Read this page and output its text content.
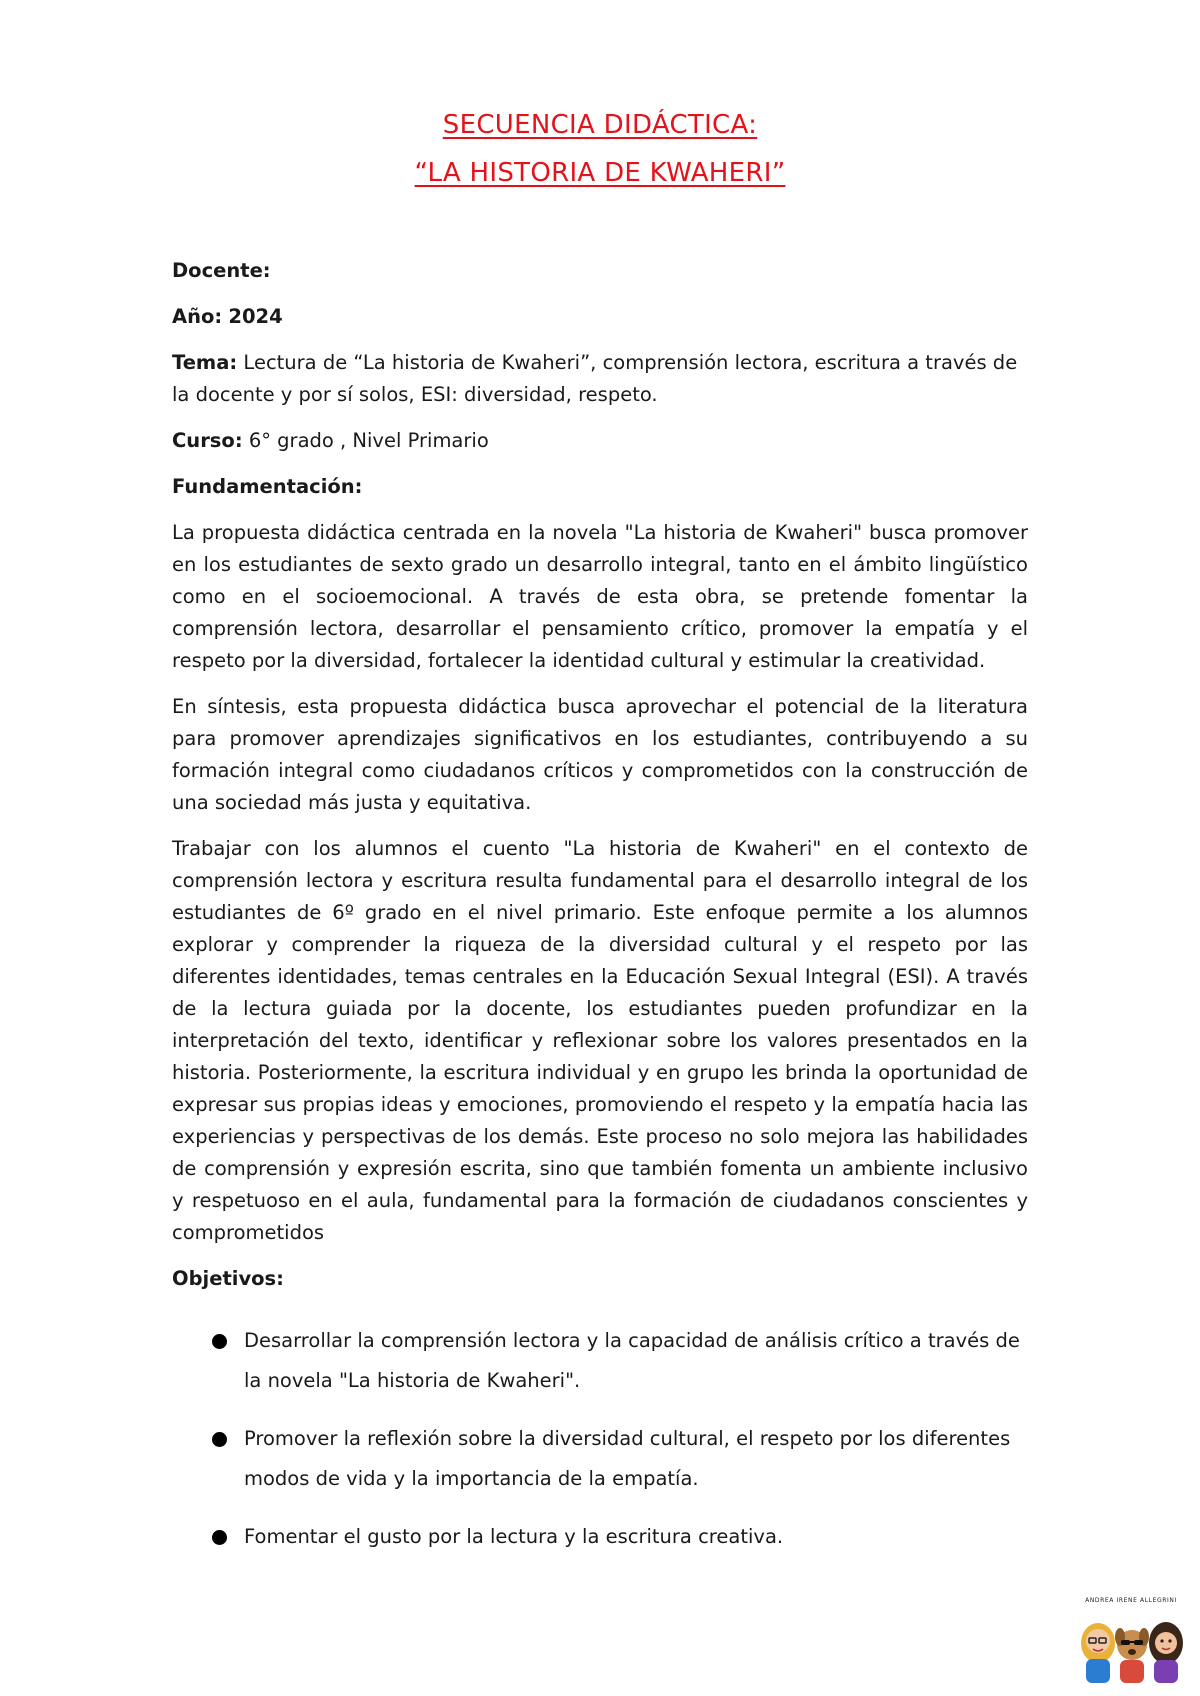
SECUENCIA DIDÁCTICA:
“LA HISTORIA DE KWAHERI”

Docente:

Año: 2024

Tema: Lectura de “La historia de Kwaheri”, comprensión lectora, escritura a través de la docente y por sí solos, ESI: diversidad, respeto.

Curso: 6° grado , Nivel Primario

Fundamentación:

La propuesta didáctica centrada en la novela "La historia de Kwaheri" busca promover en los estudiantes de sexto grado un desarrollo integral, tanto en el ámbito lingüístico como en el socioemocional. A través de esta obra, se pretende fomentar la comprensión lectora, desarrollar el pensamiento crítico, promover la empatía y el respeto por la diversidad, fortalecer la identidad cultural y estimular la creatividad.

En síntesis, esta propuesta didáctica busca aprovechar el potencial de la literatura para promover aprendizajes significativos en los estudiantes, contribuyendo a su formación integral como ciudadanos críticos y comprometidos con la construcción de una sociedad más justa y equitativa.

Trabajar con los alumnos el cuento "La historia de Kwaheri" en el contexto de comprensión lectora y escritura resulta fundamental para el desarrollo integral de los estudiantes de 6º grado en el nivel primario. Este enfoque permite a los alumnos explorar y comprender la riqueza de la diversidad cultural y el respeto por las diferentes identidades, temas centrales en la Educación Sexual Integral (ESI). A través de la lectura guiada por la docente, los estudiantes pueden profundizar en la interpretación del texto, identificar y reflexionar sobre los valores presentados en la historia. Posteriormente, la escritura individual y en grupo les brinda la oportunidad de expresar sus propias ideas y emociones, promoviendo el respeto y la empatía hacia las experiencias y perspectivas de los demás. Este proceso no solo mejora las habilidades de comprensión y expresión escrita, sino que también fomenta un ambiente inclusivo y respetuoso en el aula, fundamental para la formación de ciudadanos conscientes y comprometidos

Objetivos:

Desarrollar la comprensión lectora y la capacidad de análisis crítico a través de la novela "La historia de Kwaheri".
Promover la reflexión sobre la diversidad cultural, el respeto por los diferentes modos de vida y la importancia de la empatía.
Fomentar el gusto por la lectura y la escritura creativa.
ANDREA IRENE ALLEGRINI
